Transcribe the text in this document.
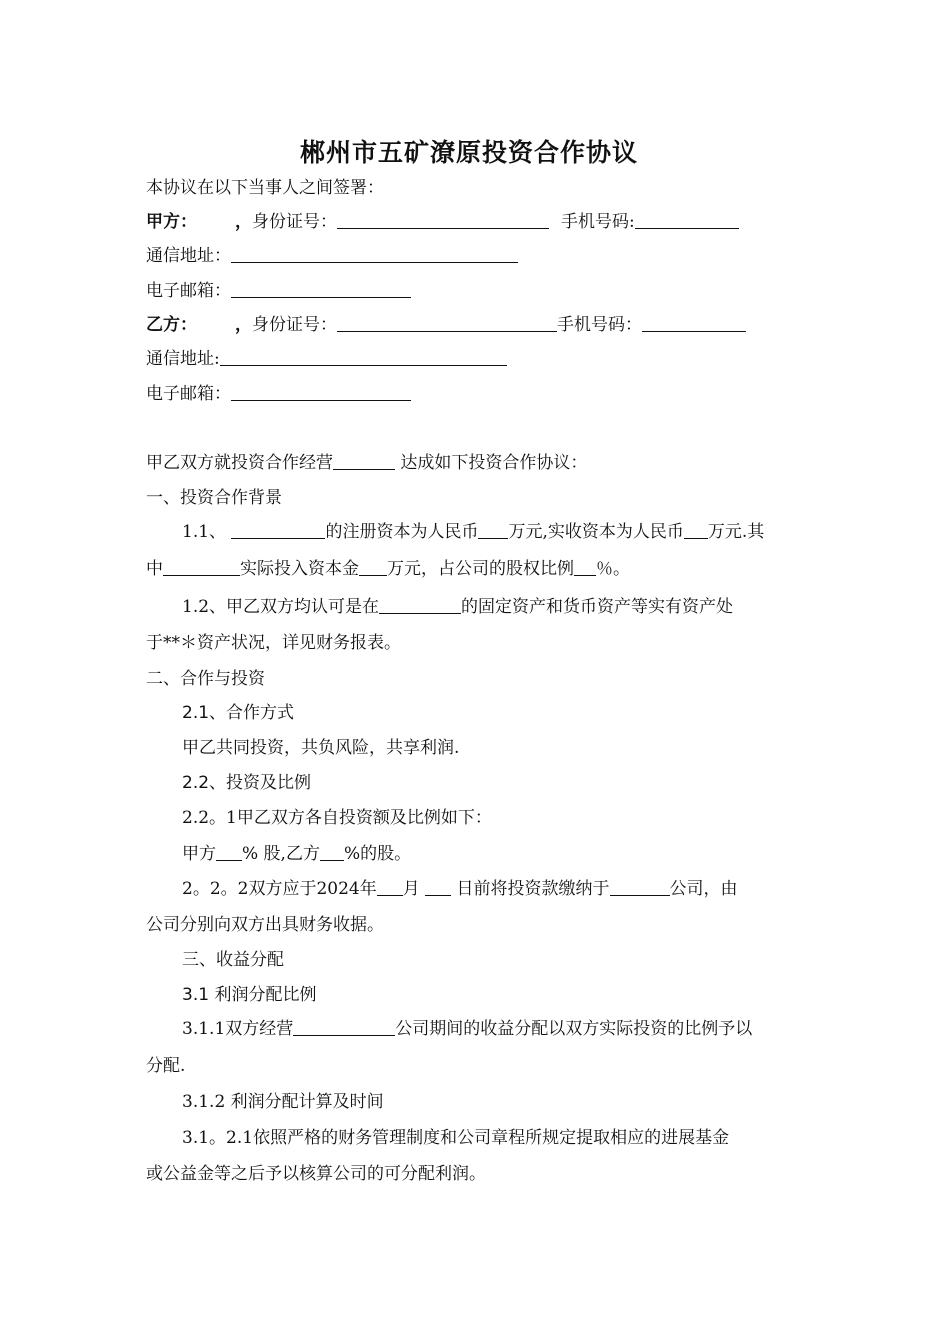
郴州市五矿潦原投资合作协议
本协议在以下当事人之间签署：
甲方： ，身份证号：	手机号码:
通信地址：
电子邮箱：
乙方： ，身份证号：	手机号码：
通信地址:
电子邮箱：
甲乙双方就投资合作经营	达成如下投资合作协议：
一、投资合作背景
1.1、	的注册资本为人民币 万元,实收资本为人民币 万元.其
中	实际投入资本金 万元，占公司的股权比例 ％。
1.2、甲乙双方均认可是在	的固定资产和货币资产等实有资产处
于**＊资产状况，详见财务报表。
二、合作与投资
2.1、合作方式
甲乙共同投资，共负风险，共享利润.
2.2、投资及比例
2.2。1甲乙双方各自投资额及比例如下：
甲方 % 股,乙方 %的股。
2。2。2双方应于2024年 月  日前将投资款缴纳于	公司，由
公司分别向双方出具财务收据。
三、收益分配
3.1 利润分配比例
3.1.1双方经营	公司期间的收益分配以双方实际投资的比例予以
分配.
3.1.2 利润分配计算及时间
3.1。2.1依照严格的财务管理制度和公司章程所规定提取相应的进展基金
或公益金等之后予以核算公司的可分配利润。
